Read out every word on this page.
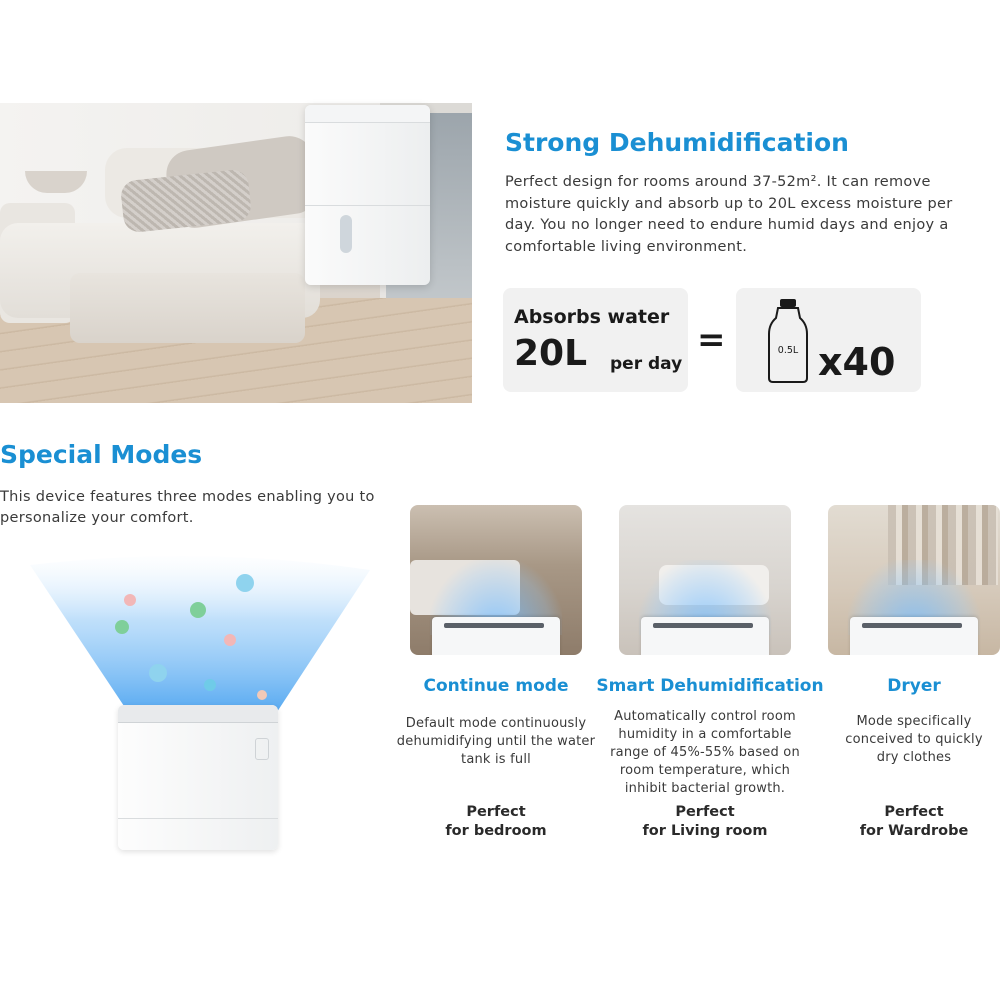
Strong Dehumidification

Perfect design for rooms around 37-52m². It can remove moisture quickly and absorb up to 20L excess moisture per day. You no longer need to endure humid days and enjoy a comfortable living environment.

Absorbs water
20L per day
=	0.5L x40
Special Modes

This device features three modes enabling you to personalize your comfort.

Continue mode
Default mode continuously dehumidifying until the water tank is full
Perfect
for bedroom
Smart Dehumidification
Automatically control room humidity in a comfortable range of 45%-55% based on room temperature, which inhibit bacterial growth.
Perfect
for Living room
Dryer
Mode specifically conceived to quickly dry clothes
Perfect
for Wardrobe
